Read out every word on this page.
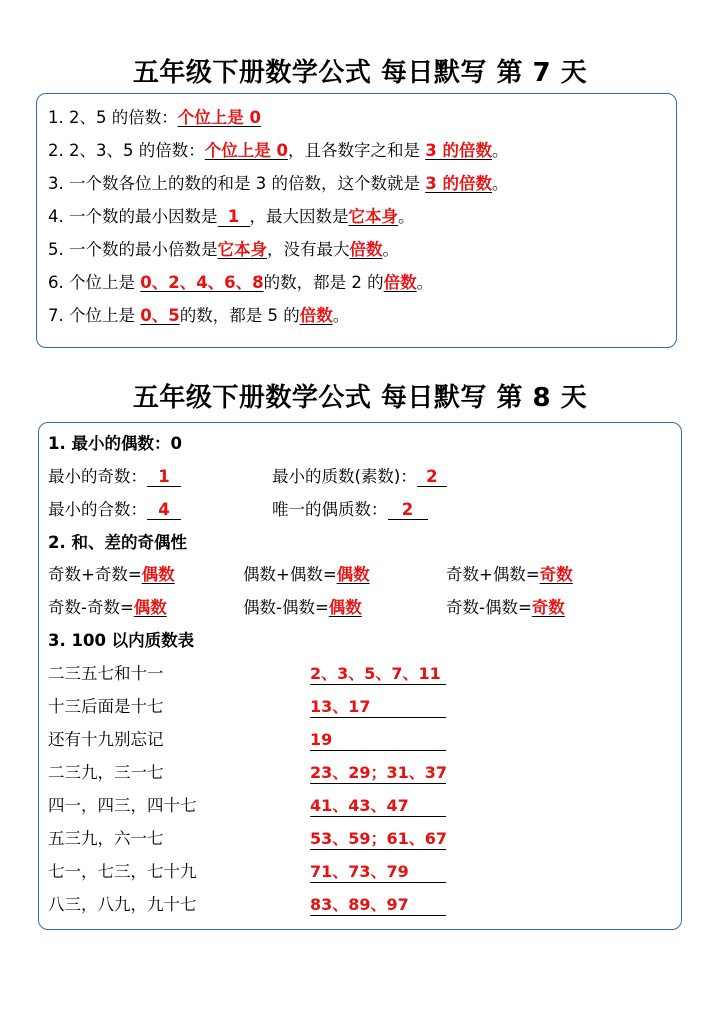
五年级下册数学公式 每日默写 第 7 天
1. 2、5 的倍数：个位上是 0
2. 2、3、5 的倍数：个位上是 0，且各数字之和是 3 的倍数。
3. 一个数各位上的数的和是 3 的倍数，这个数就是 3 的倍数。
4. 一个数的最小因数是 1 ，最大因数是它本身。
5. 一个数的最小倍数是它本身，没有最大倍数。
6. 个位上是 0、2、4、6、8的数，都是 2 的倍数。
7. 个位上是 0、5的数，都是 5 的倍数。
五年级下册数学公式 每日默写 第 8 天
1. 最小的偶数：0
最小的奇数： 1	最小的质数(素数)： 2
最小的合数： 4	唯一的偶质数： 2
2. 和、差的奇偶性
奇数+奇数=偶数	偶数+偶数=偶数	奇数+偶数=奇数
奇数-奇数=偶数	偶数-偶数=偶数	奇数-偶数=奇数
3. 100 以内质数表
二三五七和十一	2、3、5、7、11
十三后面是十七	13、17
还有十九别忘记	19
二三九，三一七	23、29；31、37
四一，四三，四十七	41、43、47
五三九，六一七	53、59；61、67
七一，七三，七十九	71、73、79
八三，八九，九十七	83、89、97
